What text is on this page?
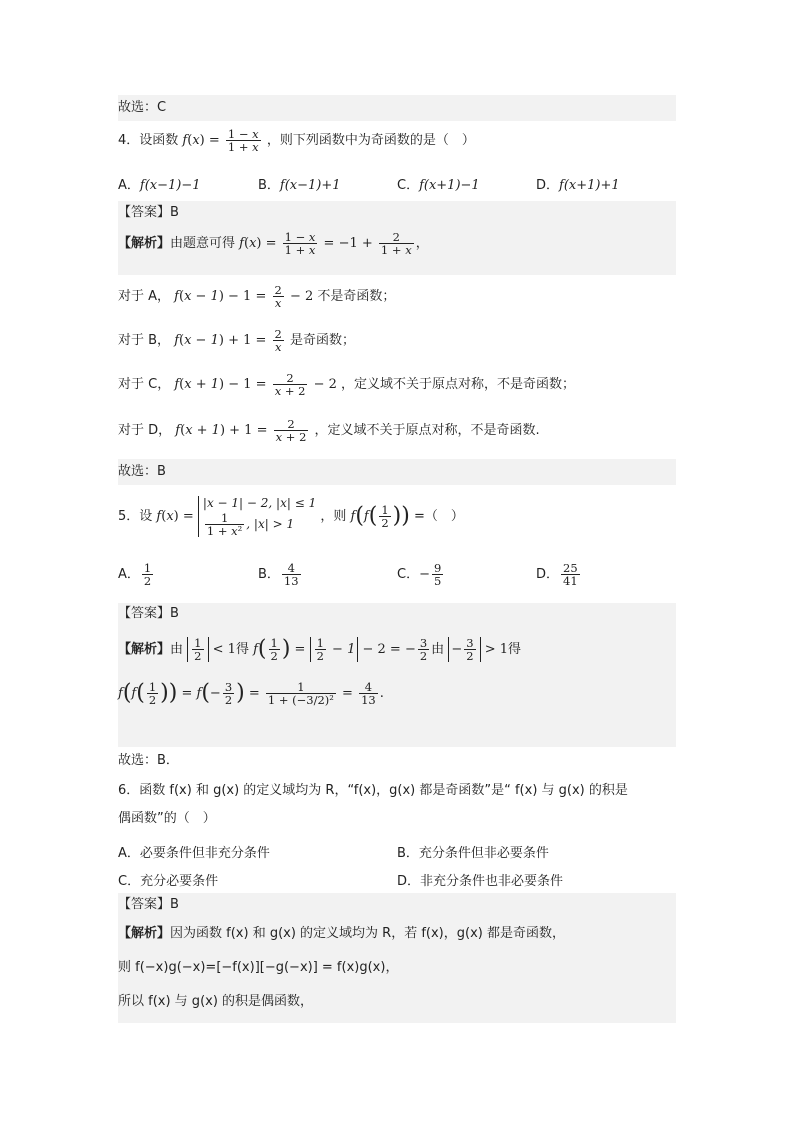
故选：C
4．设函数 $f(x) = \frac{1 - x}{1 + x}$ ，则下列函数中为奇函数的是（　）
A．f(x−1)−1	B．f(x−1)+1	C．f(x+1)−1	D．f(x+1)+1
【答案】B
【解析】由题意可得 $f(x) = \frac{1 - x}{1 + x} = -1 + \frac{2}{1 + x}$ ，
对于 A， $f(x - 1) - 1 = \frac{2}{x} - 2$ 不是奇函数；
对于 B， $f(x - 1) + 1 = \frac{2}{x}$ 是奇函数；
对于 C， $f(x + 1) - 1 = \frac{2}{x + 2} - 2$ ，定义域不关于原点对称，不是奇函数；
对于 D， $f(x + 1) + 1 = \frac{2}{x + 2}$ ，定义域不关于原点对称，不是奇函数.
故选：B
5．设 f(x) =
|x − 1| − 2, |x| ≤ 1
$\frac{1}{\text{1 + x²}}$ , |x| > 1	，则 $f(f( \frac{1}{2}$ )) =（　）
A． $\frac{1}{2}$	B． $\frac{4}{13}$	C．− $\frac{9}{5}$	D． $\frac{25}{41}$
【答案】B
【解析】由 $\frac{1}{2} < 1$得 $f( \frac{1}{2}$ ) = $\frac{1}{2} - 1 - 2$ = − $\frac{3}{2}$ 由 − $\frac{3}{2} > 1$得
$f(f( \frac{1}{2}$ )) = $f(- \frac{3}{2}$ ) = $\frac{1}{\text{1 + (−3/2)²}} = \frac{4}{13}$ .
故选：B．
6．函数 f(x) 和 g(x) 的定义域均为 R，“f(x)，g(x) 都是奇函数”是“ f(x) 与 g(x) 的积是
偶函数”的（　）
A．必要条件但非充分条件	B．充分条件但非必要条件
C．充分必要条件	D．非充分条件也非必要条件
【答案】B
【解析】因为函数 f(x) 和 g(x) 的定义域均为 R，若 f(x)，g(x) 都是奇函数，
则 f(−x)g(−x)=[−f(x)][−g(−x)] = f(x)g(x)，
所以 f(x) 与 g(x) 的积是偶函数，
